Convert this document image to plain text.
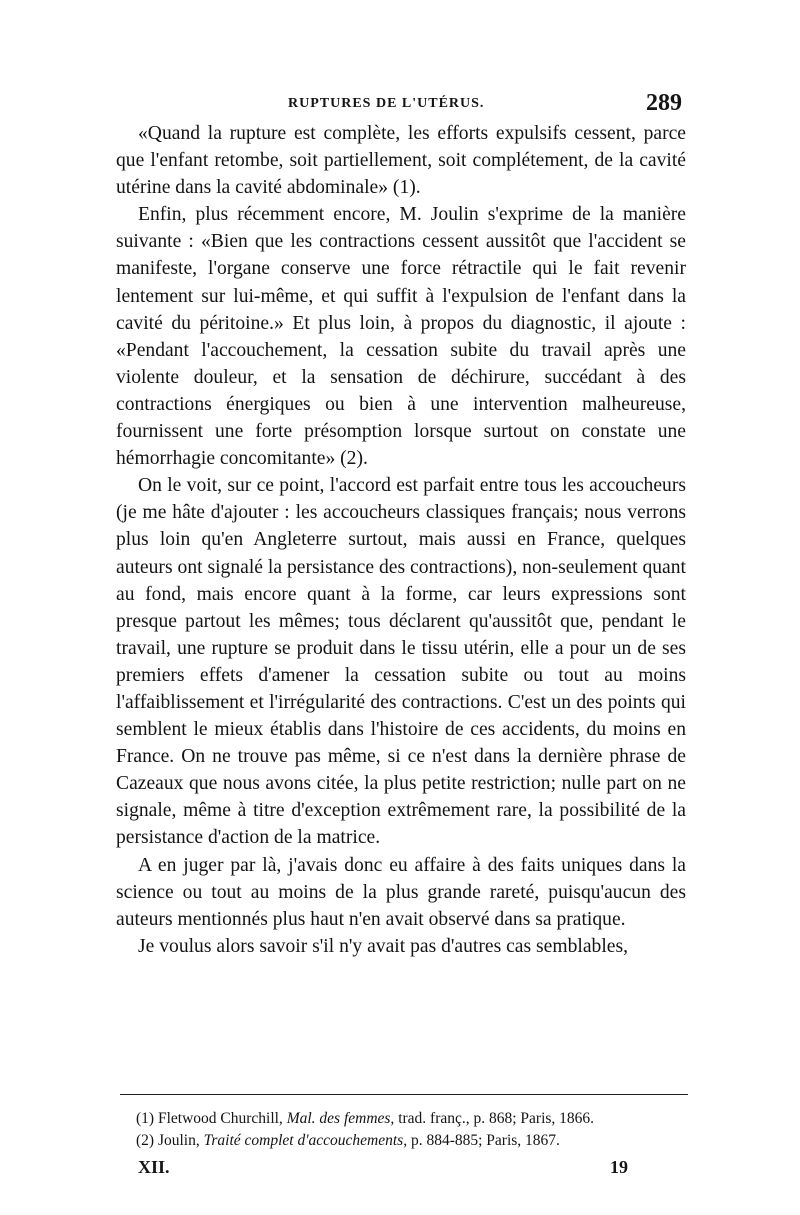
RUPTURES DE L'UTÉRUS.	289

«Quand la rupture est complète, les efforts expulsifs cessent, parce que l'enfant retombe, soit partiellement, soit complétement, de la cavité utérine dans la cavité abdominale» (1).

Enfin, plus récemment encore, M. Joulin s'exprime de la manière suivante : «Bien que les contractions cessent aussitôt que l'accident se manifeste, l'organe conserve une force rétractile qui le fait revenir lentement sur lui-même, et qui suffit à l'expulsion de l'enfant dans la cavité du péritoine.» Et plus loin, à propos du diagnostic, il ajoute : «Pendant l'accouchement, la cessation subite du travail après une violente douleur, et la sensation de déchirure, succédant à des contractions énergiques ou bien à une intervention malheureuse, fournissent une forte présomption lorsque surtout on constate une hémorrhagie concomitante» (2).

On le voit, sur ce point, l'accord est parfait entre tous les accoucheurs (je me hâte d'ajouter : les accoucheurs classiques français; nous verrons plus loin qu'en Angleterre surtout, mais aussi en France, quelques auteurs ont signalé la persistance des contractions), non-seulement quant au fond, mais encore quant à la forme, car leurs expressions sont presque partout les mêmes; tous déclarent qu'aussitôt que, pendant le travail, une rupture se produit dans le tissu utérin, elle a pour un de ses premiers effets d'amener la cessation subite ou tout au moins l'affaiblissement et l'irrégularité des contractions. C'est un des points qui semblent le mieux établis dans l'histoire de ces accidents, du moins en France. On ne trouve pas même, si ce n'est dans la dernière phrase de Cazeaux que nous avons citée, la plus petite restriction; nulle part on ne signale, même à titre d'exception extrêmement rare, la possibilité de la persistance d'action de la matrice.

A en juger par là, j'avais donc eu affaire à des faits uniques dans la science ou tout au moins de la plus grande rareté, puisqu'aucun des auteurs mentionnés plus haut n'en avait observé dans sa pratique.

Je voulus alors savoir s'il n'y avait pas d'autres cas semblables,

(1) Fletwood Churchill, Mal. des femmes, trad. franç., p. 868; Paris, 1866.

(2) Joulin, Traité complet d'accouchements, p. 884-885; Paris, 1867.

XII.	19
